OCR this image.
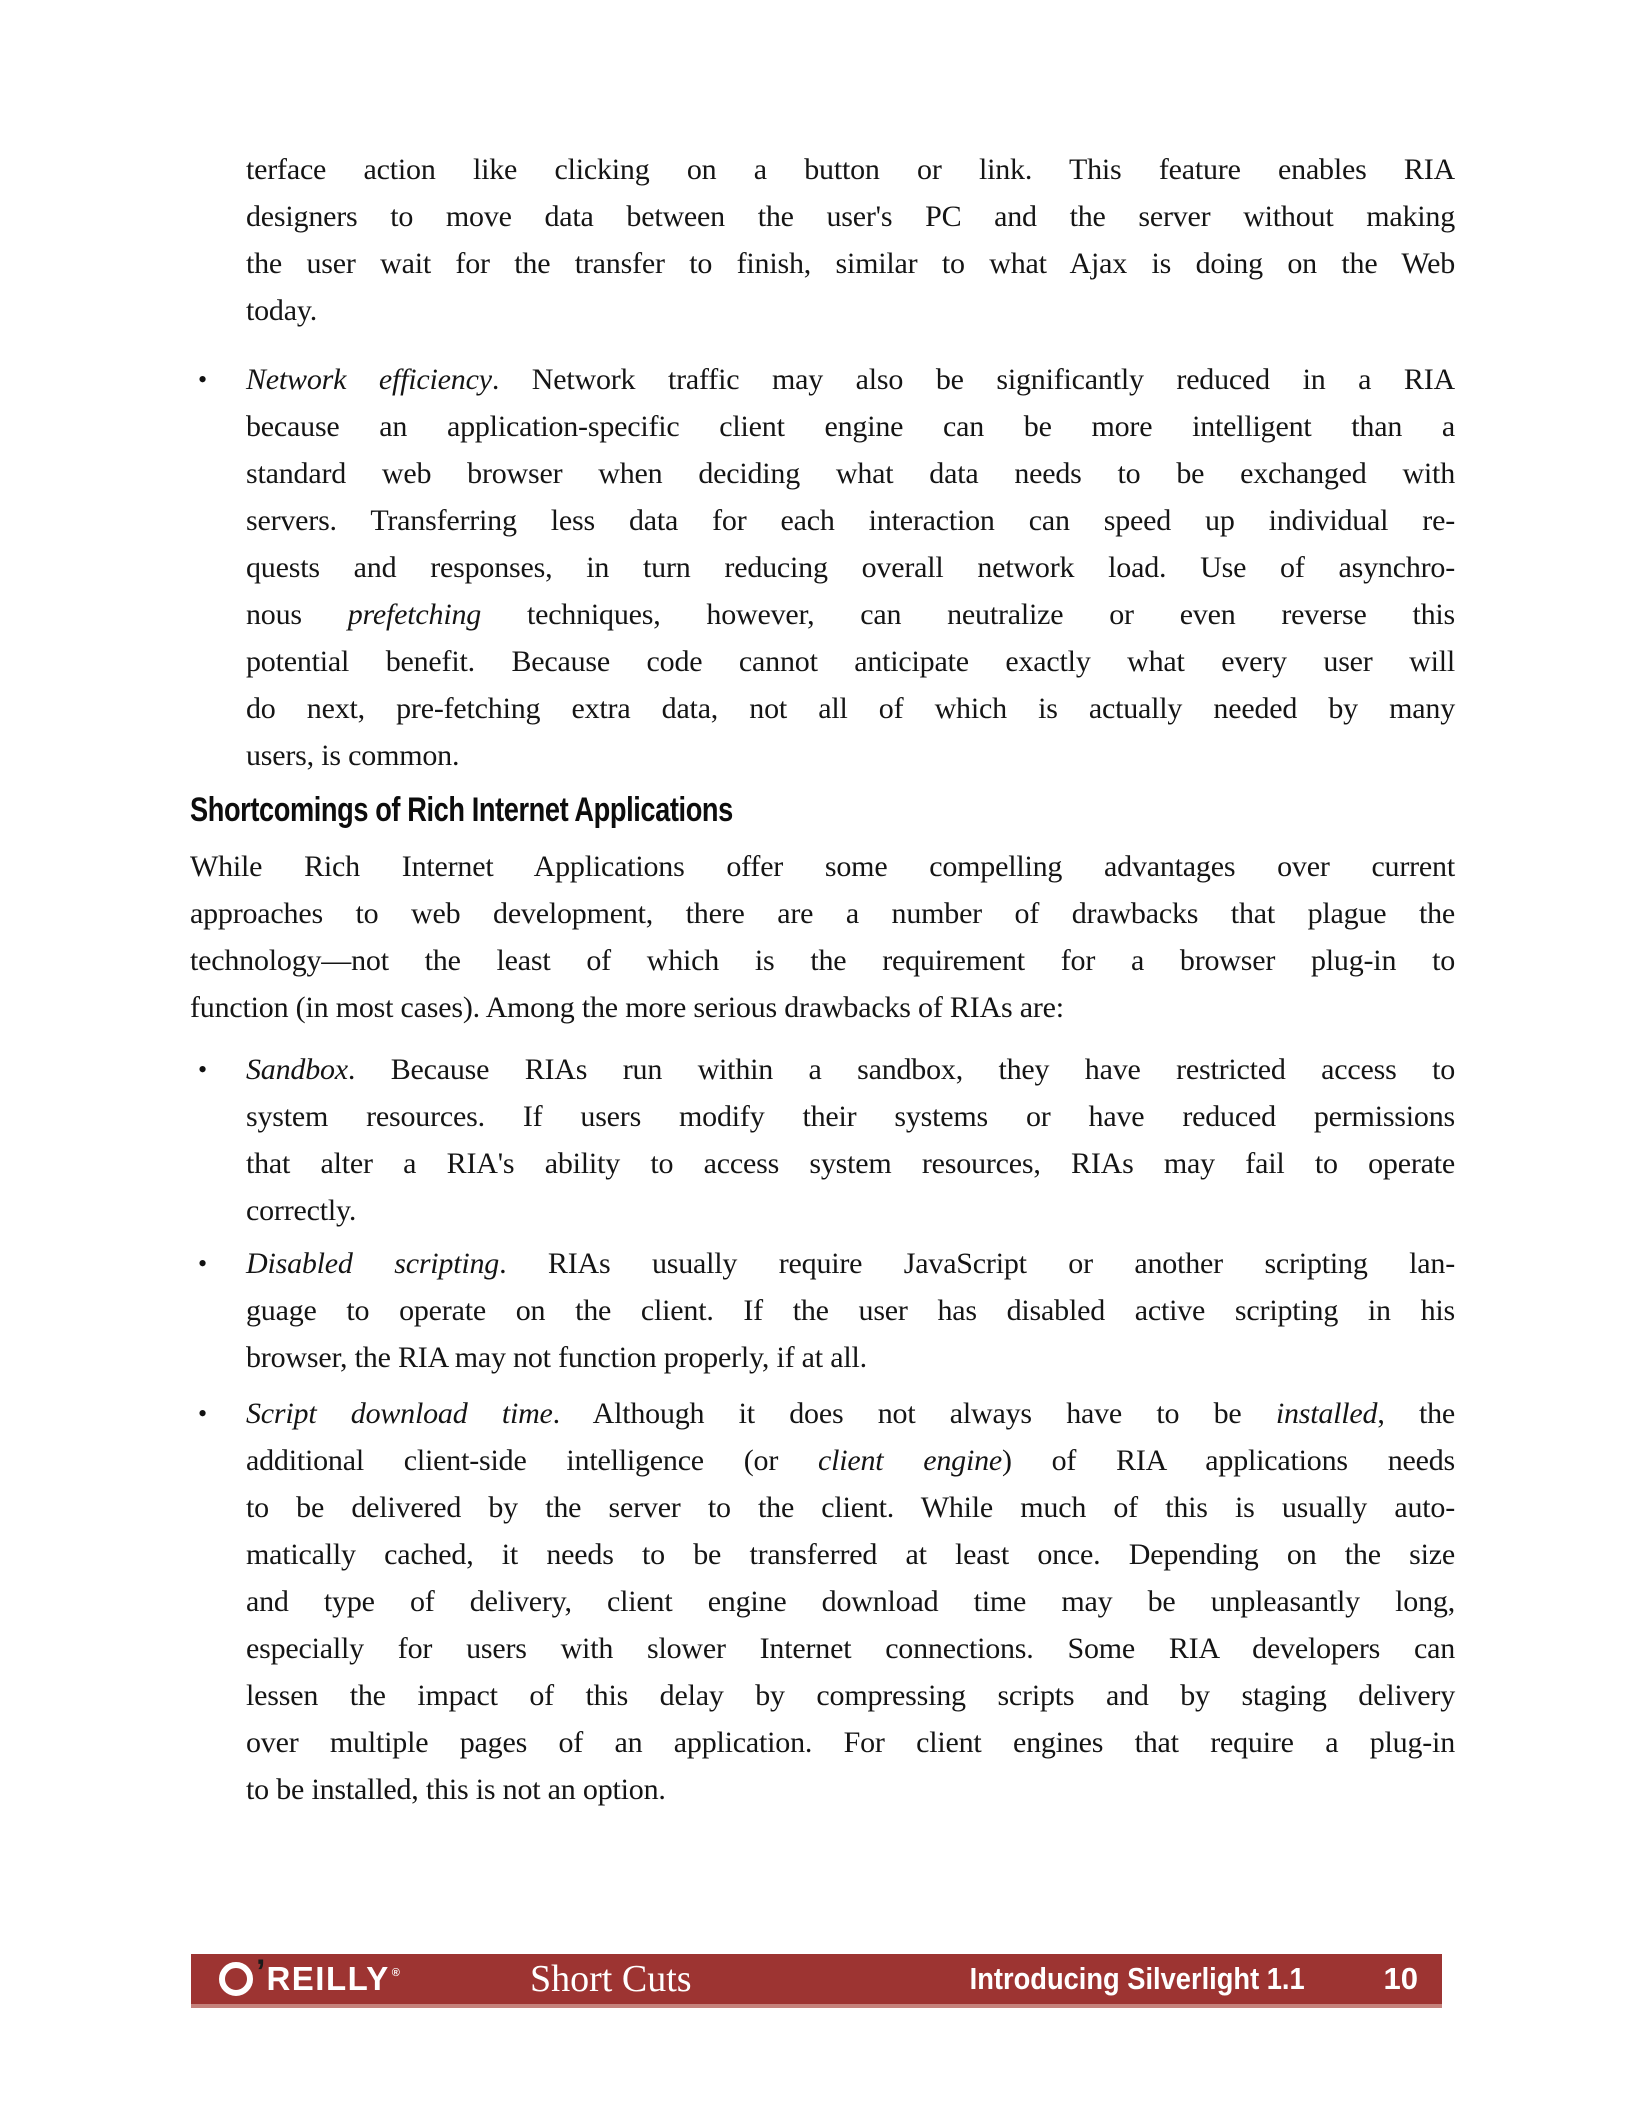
terface action like clicking on a button or link. This feature enables RIA
designers to move data between the user's PC and the server without making
the user wait for the transfer to finish, similar to what Ajax is doing on the Web
today.
• Network efficiency. Network traffic may also be significantly reduced in a RIA
because an application-specific client engine can be more intelligent than a
standard web browser when deciding what data needs to be exchanged with
servers. Transferring less data for each interaction can speed up individual re-
quests and responses, in turn reducing overall network load. Use of asynchro-
nous prefetching techniques, however, can neutralize or even reverse this
potential benefit. Because code cannot anticipate exactly what every user will
do next, pre-fetching extra data, not all of which is actually needed by many
users, is common.
Shortcomings of Rich Internet Applications
While Rich Internet Applications offer some compelling advantages over current
approaches to web development, there are a number of drawbacks that plague the
technology—not the least of which is the requirement for a browser plug-in to
function (in most cases). Among the more serious drawbacks of RIAs are:
• Sandbox. Because RIAs run within a sandbox, they have restricted access to
system resources. If users modify their systems or have reduced permissions
that alter a RIA's ability to access system resources, RIAs may fail to operate
correctly.
• Disabled scripting. RIAs usually require JavaScript or another scripting lan-
guage to operate on the client. If the user has disabled active scripting in his
browser, the RIA may not function properly, if at all.
• Script download time. Although it does not always have to be installed, the
additional client-side intelligence (or client engine) of RIA applications needs
to be delivered by the server to the client. While much of this is usually auto-
matically cached, it needs to be transferred at least once. Depending on the size
and type of delivery, client engine download time may be unpleasantly long,
especially for users with slower Internet connections. Some RIA developers can
lessen the impact of this delay by compressing scripts and by staging delivery
over multiple pages of an application. For client engines that require a plug-in
to be installed, this is not an option.
’ REILLY ®	Short Cuts	Introducing Silverlight 1.1	10
